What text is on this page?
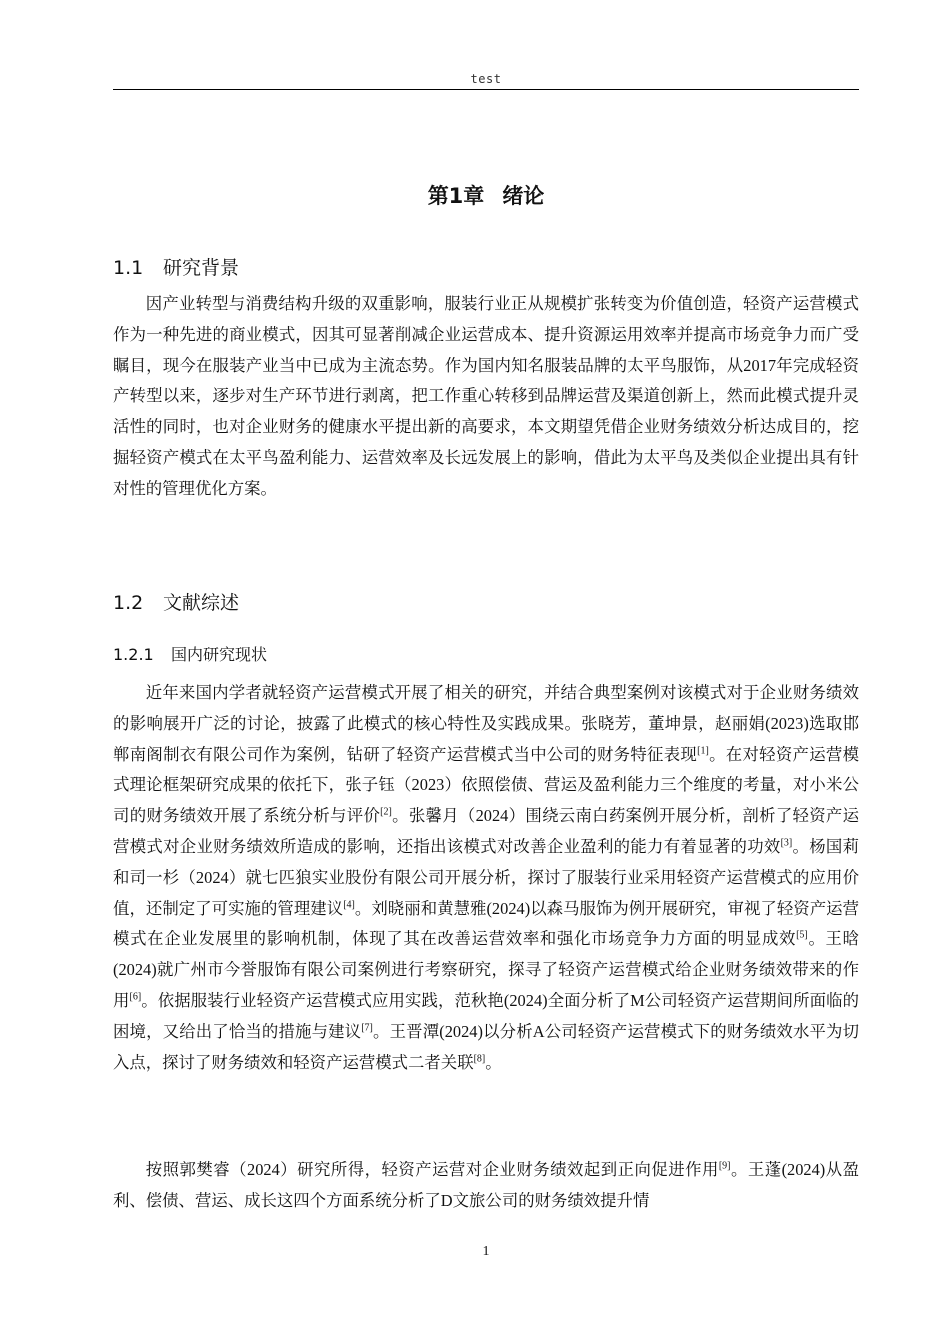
test
第1章 绪论
1.1 研究背景

因产业转型与消费结构升级的双重影响，服装行业正从规模扩张转变为价值创造，轻资产运营模式作为一种先进的商业模式，因其可显著削减企业运营成本、提升资源运用效率并提高市场竞争力而广受瞩目，现今在服装产业当中已成为主流态势。作为国内知名服装品牌的太平鸟服饰，从2017年完成轻资产转型以来，逐步对生产环节进行剥离，把工作重心转移到品牌运营及渠道创新上，然而此模式提升灵活性的同时，也对企业财务的健康水平提出新的高要求，本文期望凭借企业财务绩效分析达成目的，挖掘轻资产模式在太平鸟盈利能力、运营效率及长远发展上的影响，借此为太平鸟及类似企业提出具有针对性的管理优化方案。

1.2 文献综述
1.2.1 国内研究现状

近年来国内学者就轻资产运营模式开展了相关的研究，并结合典型案例对该模式对于企业财务绩效的影响展开广泛的讨论，披露了此模式的核心特性及实践成果。张晓芳，董坤景，赵丽娟(2023)选取邯郸南阁制衣有限公司作为案例，钻研了轻资产运营模式当中公司的财务特征表现[1]。在对轻资产运营模式理论框架研究成果的依托下，张子钰（2023）依照偿债、营运及盈利能力三个维度的考量，对小米公司的财务绩效开展了系统分析与评价[2]。张馨月（2024）围绕云南白药案例开展分析，剖析了轻资产运营模式对企业财务绩效所造成的影响，还指出该模式对改善企业盈利的能力有着显著的功效[3]。杨国莉和司一杉（2024）就七匹狼实业股份有限公司开展分析，探讨了服装行业采用轻资产运营模式的应用价值，还制定了可实施的管理建议[4]。刘晓丽和黄慧雅(2024)以森马服饰为例开展研究，审视了轻资产运营模式在企业发展里的影响机制，体现了其在改善运营效率和强化市场竞争力方面的明显成效[5]。王晗(2024)就广州市今誉服饰有限公司案例进行考察研究，探寻了轻资产运营模式给企业财务绩效带来的作用[6]。依据服装行业轻资产运营模式应用实践，范秋艳(2024)全面分析了M公司轻资产运营期间所面临的困境，又给出了恰当的措施与建议[7]。王晋潭(2024)以分析A公司轻资产运营模式下的财务绩效水平为切入点，探讨了财务绩效和轻资产运营模式二者关联[8]。

按照郭樊睿（2024）研究所得，轻资产运营对企业财务绩效起到正向促进作用[9]。王蓬(2024)从盈利、偿债、营运、成长这四个方面系统分析了D文旅公司的财务绩效提升情

1
